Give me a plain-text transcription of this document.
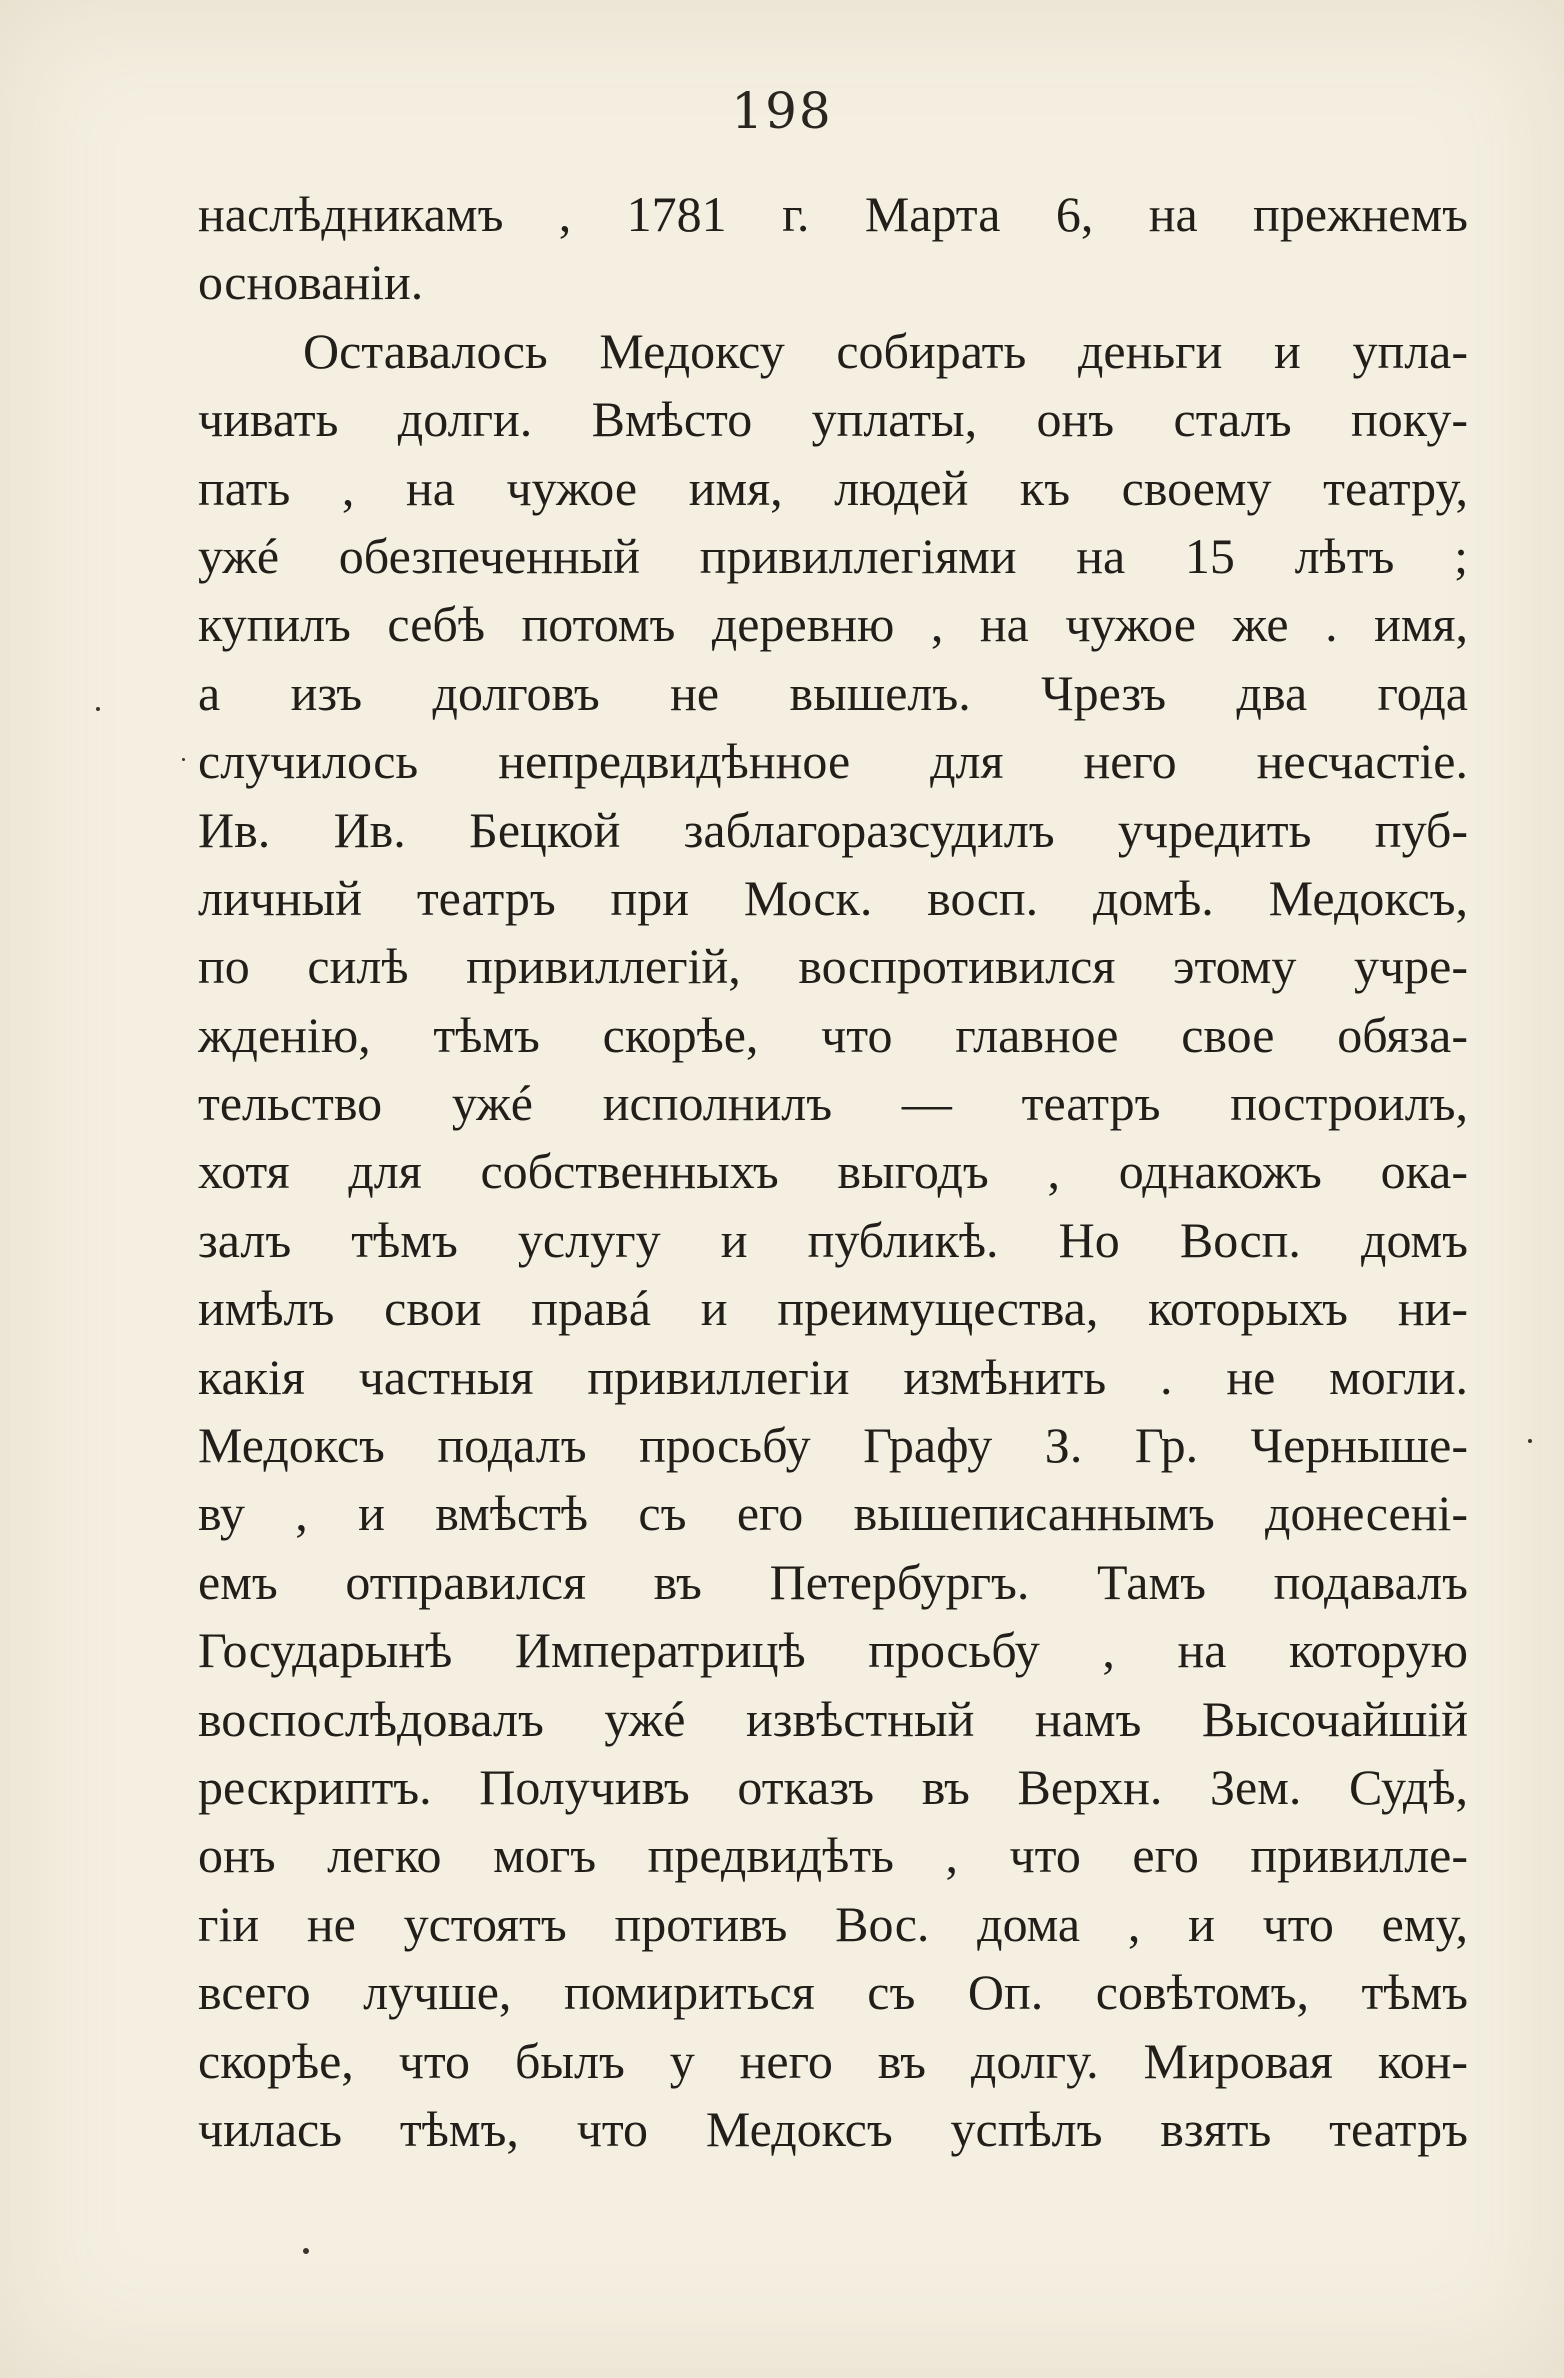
198
наслѣдникамъ , 1781 г. Марта 6, на прежнемъ
основаніи.
Оставалось Медоксу собирать деньги и упла-
чивать долги. Вмѣсто уплаты, онъ сталъ поку-
пать , на чужое имя, людей къ своему театру,
ужé обезпеченный привиллегіями на 15 лѣтъ ;
купилъ себѣ потомъ деревню , на чужое же . имя,
а изъ долговъ не вышелъ. Чрезъ два года
случилось непредвидѣнное для него несчастіе.
Ив. Ив. Бецкой заблагоразсудилъ учредить пуб-
личный театръ при Моск. восп. домѣ. Медоксъ,
по силѣ привиллегій, воспротивился этому учре-
жденію, тѣмъ скорѣе, что главное свое обяза-
тельство ужé исполнилъ — театръ построилъ,
хотя для собственныхъ выгодъ , однакожъ ока-
залъ тѣмъ услугу и публикѣ. Но Восп. домъ
имѣлъ свои правá и преимущества, которыхъ ни-
какія частныя привиллегіи измѣнить . не могли.
Медоксъ подалъ просьбу Графу З. Гр. Чернышe-
ву , и вмѣстѣ съ его вышеписаннымъ донесені-
емъ отправился въ Петербургъ. Тамъ подавалъ
Государынѣ Императрицѣ просьбу , на которую
воспослѣдовалъ ужé извѣстный намъ Высочайшій
рескриптъ. Получивъ отказъ въ Верхн. Зем. Судѣ,
онъ легко могъ предвидѣть , что его привилле-
гіи не устоятъ противъ Вос. дома , и что ему,
всего лучше, помириться съ Оп. совѣтомъ, тѣмъ
скорѣе, что былъ у него въ долгу. Мировая кон-
чилась тѣмъ, что Медоксъ успѣлъ взять театръ
